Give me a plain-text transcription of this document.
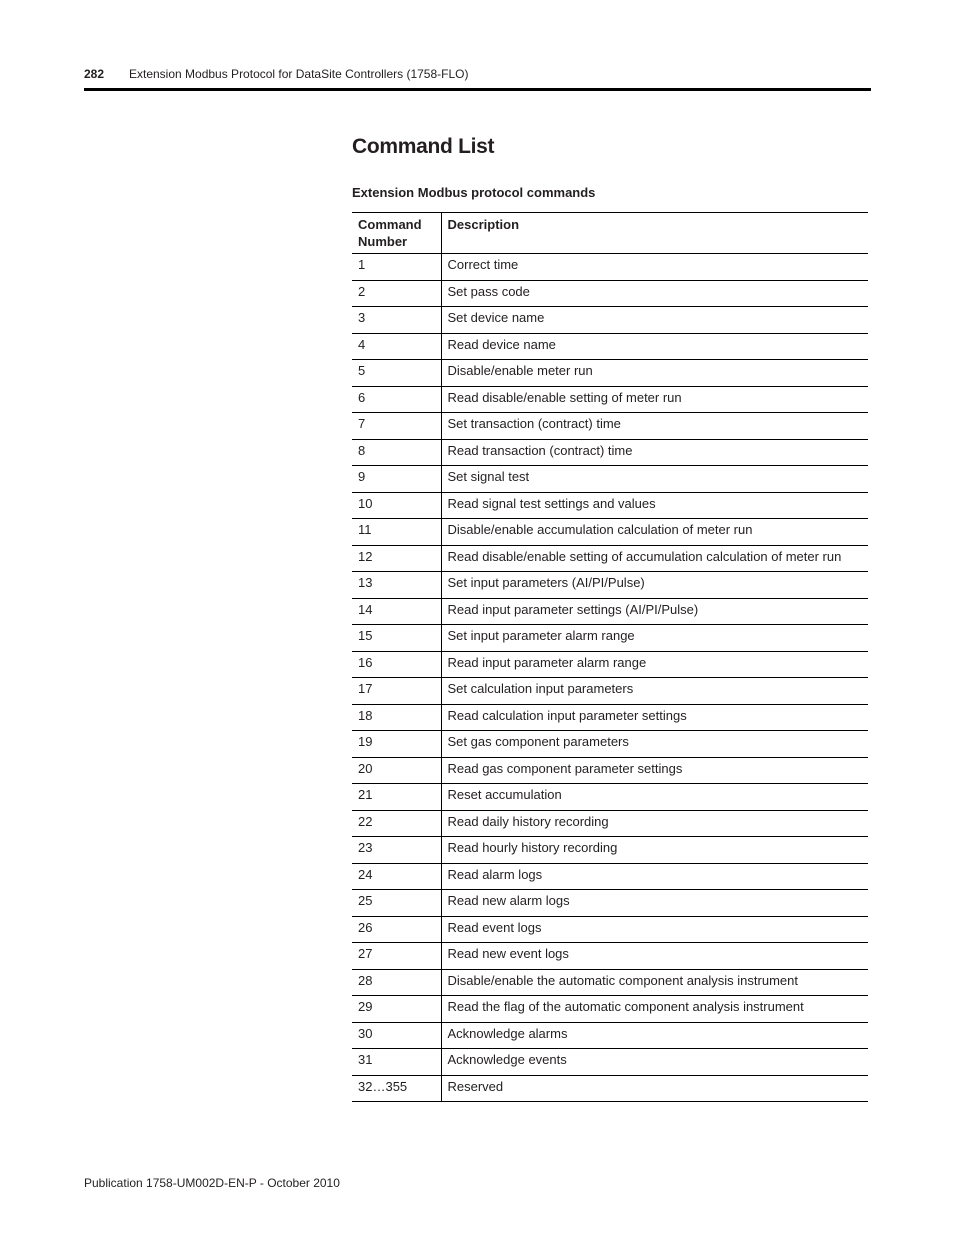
282 Extension Modbus Protocol for DataSite Controllers (1758-FLO)
Command List
Extension Modbus protocol commands
Command Number	Description
1	Correct time
2	Set pass code
3	Set device name
4	Read device name
5	Disable/enable meter run
6	Read disable/enable setting of meter run
7	Set transaction (contract) time
8	Read transaction (contract) time
9	Set signal test
10	Read signal test settings and values
11	Disable/enable accumulation calculation of meter run
12	Read disable/enable setting of accumulation calculation of meter run
13	Set input parameters (AI/PI/Pulse)
14	Read input parameter settings (AI/PI/Pulse)
15	Set input parameter alarm range
16	Read input parameter alarm range
17	Set calculation input parameters
18	Read calculation input parameter settings
19	Set gas component parameters
20	Read gas component parameter settings
21	Reset accumulation
22	Read daily history recording
23	Read hourly history recording
24	Read alarm logs
25	Read new alarm logs
26	Read event logs
27	Read new event logs
28	Disable/enable the automatic component analysis instrument
29	Read the flag of the automatic component analysis instrument
30	Acknowledge alarms
31	Acknowledge events
32…355	Reserved
Publication 1758-UM002D-EN-P - October 2010
